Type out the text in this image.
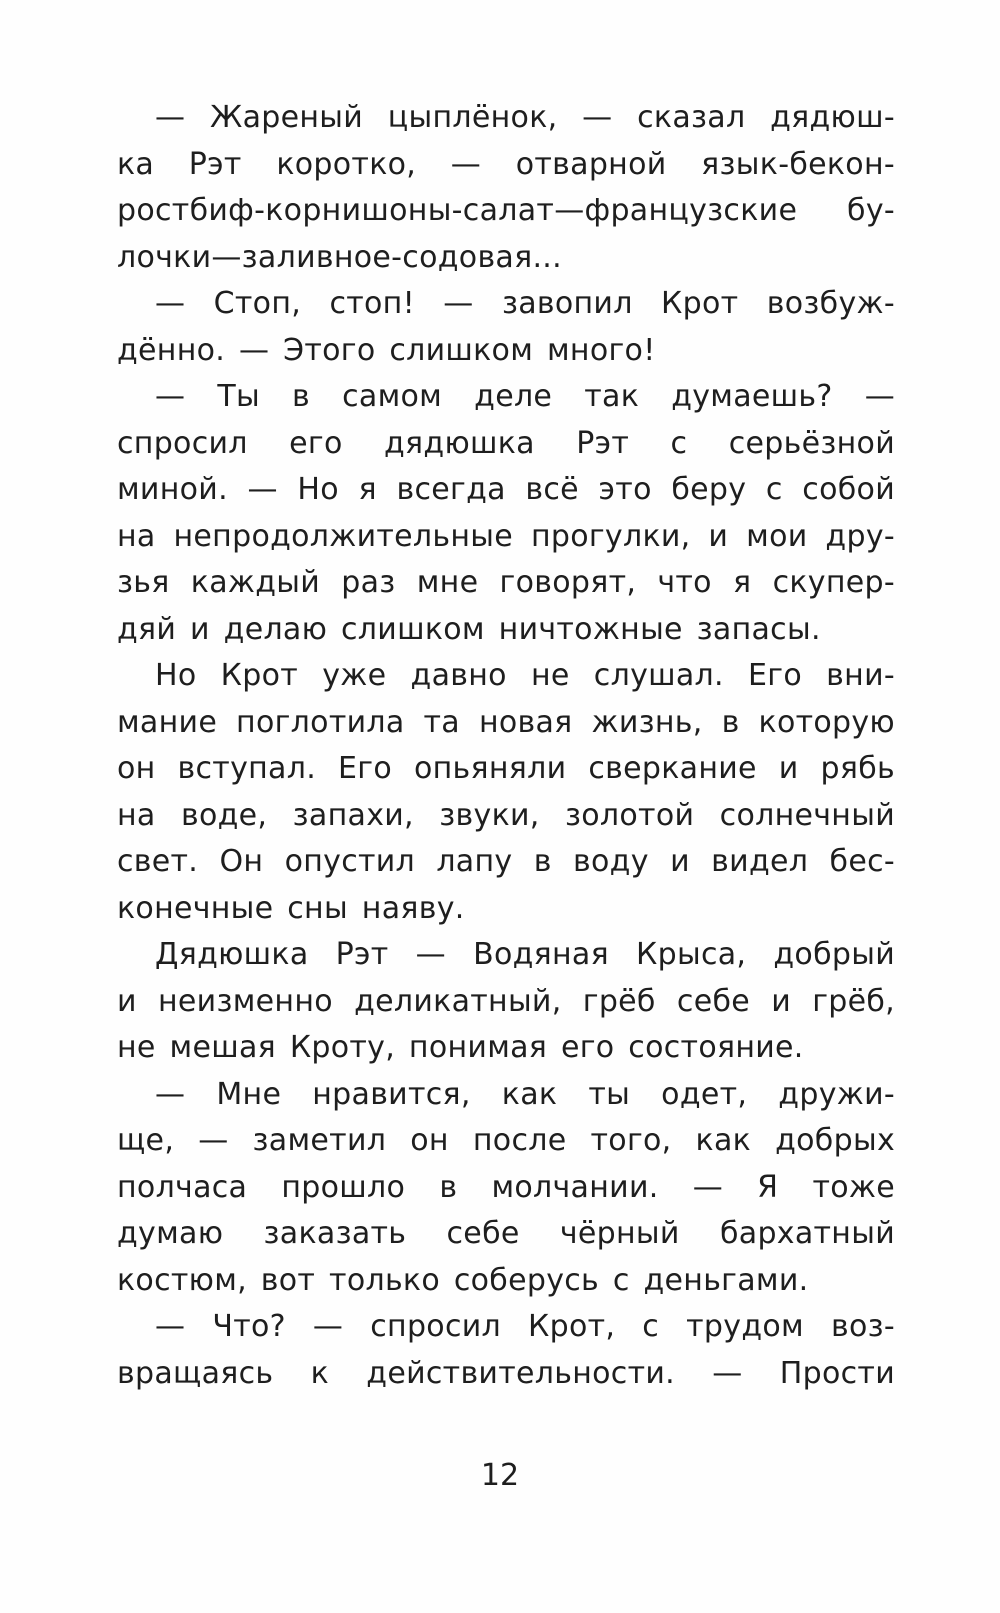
— Жареный цыплёнок, — сказал дядюш-
ка Рэт коротко, — отварной язык-бекон-
ростбиф-корнишоны-салат—французские бу-
лочки—заливное-содовая...
— Стоп, стоп! — завопил Крот возбуж-
дённо. — Этого слишком много!
— Ты в самом деле так думаешь? —
спросил его дядюшка Рэт с серьёзной
миной. — Но я всегда всё это беру с собой
на непродолжительные прогулки, и мои дру-
зья каждый раз мне говорят, что я скупер-
дяй и делаю слишком ничтожные запасы.
Но Крот уже давно не слушал. Его вни-
мание поглотила та новая жизнь, в которую
он вступал. Его опьяняли сверкание и рябь
на воде, запахи, звуки, золотой солнечный
свет. Он опустил лапу в воду и видел бес-
конечные сны наяву.
Дядюшка Рэт — Водяная Крыса, добрый
и неизменно деликатный, грёб себе и грёб,
не мешая Кроту, понимая его состояние.
— Мне нравится, как ты одет, дружи-
ще, — заметил он после того, как добрых
полчаса прошло в молчании. — Я тоже
думаю заказать себе чёрный бархатный
костюм, вот только соберусь с деньгами.
— Что? — спросил Крот, с трудом воз-
вращаясь к действительности. — Прости
12
